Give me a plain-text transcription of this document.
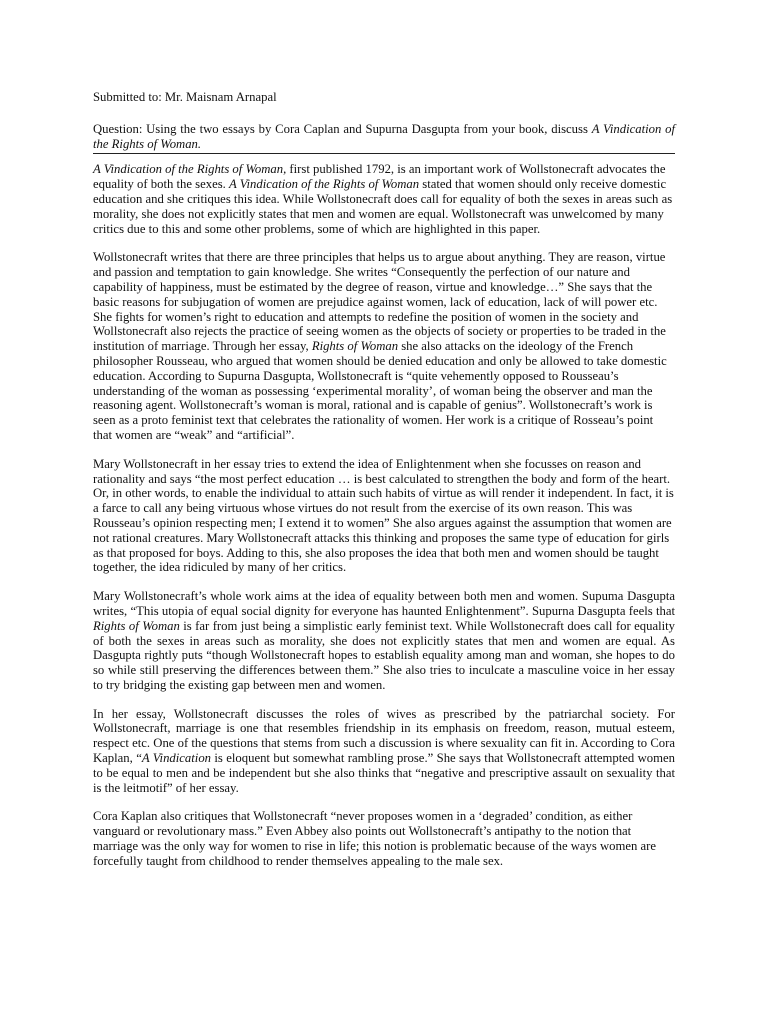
Submitted to: Mr. Maisnam Arnapal

Question: Using the two essays by Cora Caplan and Supurna Dasgupta from your book, discuss A Vindication of the Rights of Woman.

A Vindication of the Rights of Woman, first published 1792, is an important work of Wollstonecraft advocates the equality of both the sexes. A Vindication of the Rights of Woman stated that women should only receive domestic education and she critiques this idea. While Wollstonecraft does call for equality of both the sexes in areas such as morality, she does not explicitly states that men and women are equal. Wollstonecraft was unwelcomed by many critics due to this and some other problems, some of which are highlighted in this paper.

Wollstonecraft writes that there are three principles that helps us to argue about anything. They are reason, virtue and passion and temptation to gain knowledge. She writes “Consequently the perfection of our nature and capability of happiness, must be estimated by the degree of reason, virtue and knowledge…” She says that the basic reasons for subjugation of women are prejudice against women, lack of education, lack of will power etc. She fights for women’s right to education and attempts to redefine the position of women in the society and Wollstonecraft also rejects the practice of seeing women as the objects of society or properties to be traded in the institution of marriage. Through her essay, Rights of Woman she also attacks on the ideology of the French philosopher Rousseau, who argued that women should be denied education and only be allowed to take domestic education. According to Supurna Dasgupta, Wollstonecraft is “quite vehemently opposed to Rousseau’s understanding of the woman as possessing ‘experimental morality’, of woman being the observer and man the reasoning agent. Wollstonecraft’s woman is moral, rational and is capable of genius”. Wollstonecraft’s work is seen as a proto feminist text that celebrates the rationality of women. Her work is a critique of Rosseau’s point that women are “weak” and “artificial”.

Mary Wollstonecraft in her essay tries to extend the idea of Enlightenment when she focusses on reason and rationality and says “the most perfect education … is best calculated to strengthen the body and form of the heart. Or, in other words, to enable the individual to attain such habits of virtue as will render it independent. In fact, it is a farce to call any being virtuous whose virtues do not result from the exercise of its own reason. This was Rousseau’s opinion respecting men; I extend it to women” She also argues against the assumption that women are not rational creatures. Mary Wollstonecraft attacks this thinking and proposes the same type of education for girls as that proposed for boys. Adding to this, she also proposes the idea that both men and women should be taught together, the idea ridiculed by many of her critics.

Mary Wollstonecraft’s whole work aims at the idea of equality between both men and women. Supuma Dasgupta writes, “This utopia of equal social dignity for everyone has haunted Enlightenment”. Supurna Dasgupta feels that Rights of Woman is far from just being a simplistic early feminist text. While Wollstonecraft does call for equality of both the sexes in areas such as morality, she does not explicitly states that men and women are equal. As Dasgupta rightly puts “though Wollstonecraft hopes to establish equality among man and woman, she hopes to do so while still preserving the differences between them.” She also tries to inculcate a masculine voice in her essay to try bridging the existing gap between men and women.

In her essay, Wollstonecraft discusses the roles of wives as prescribed by the patriarchal society. For Wollstonecraft, marriage is one that resembles friendship in its emphasis on freedom, reason, mutual esteem, respect etc. One of the questions that stems from such a discussion is where sexuality can fit in. According to Cora Kaplan, “A Vindication is eloquent but somewhat rambling prose.” She says that Wollstonecraft attempted women to be equal to men and be independent but she also thinks that “negative and prescriptive assault on sexuality that is the leitmotif” of her essay.

Cora Kaplan also critiques that Wollstonecraft “never proposes women in a ‘degraded’ condition, as either vanguard or revolutionary mass.” Even Abbey also points out Wollstonecraft’s antipathy to the notion that marriage was the only way for women to rise in life; this notion is problematic because of the ways women are forcefully taught from childhood to render themselves appealing to the male sex.
